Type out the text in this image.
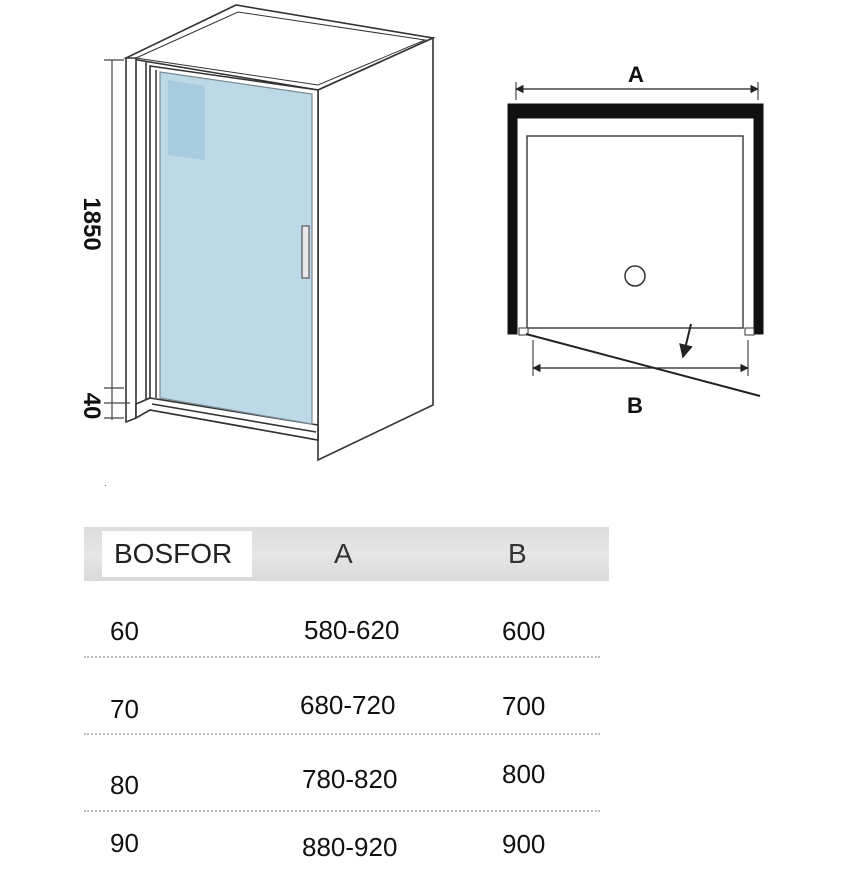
1850
40
.
A
B
BOSFOR	A	B
60	580-620	600
70	680-720	700
80	780-820	800
90	880-920	900
